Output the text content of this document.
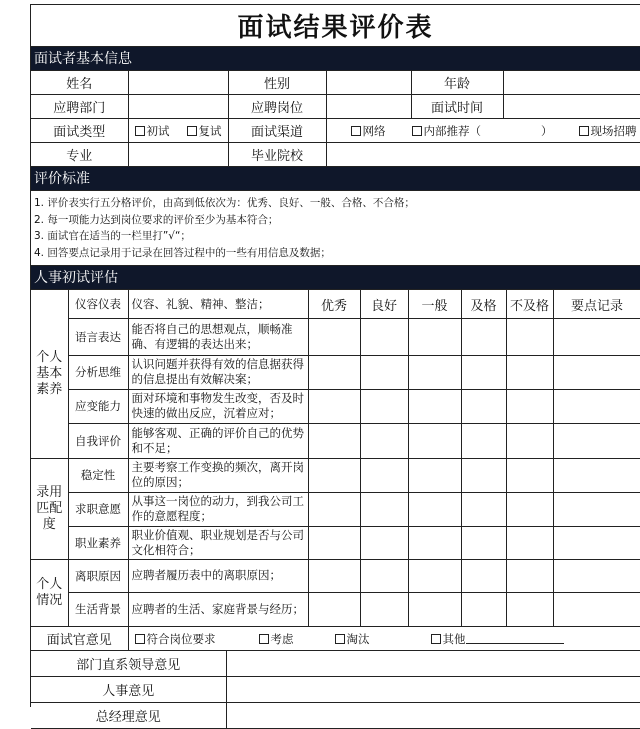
面试结果评价表
面试者基本信息
姓名		性别		年龄	
应聘部门		应聘岗位		面试时间	
面试类型	初试 复试	面试渠道	网络 内部推荐（ ） 现场招聘		

专业		毕业院校			
评价标准
1. 评价表实行五分格评价，由高到低依次为：优秀、良好、一般、合格、不合格；
2. 每一项能力达到岗位要求的评价至少为基本符合；
3. 面试官在适当的一栏里打”√“；
4. 回答要点记录用于记录在回答过程中的一些有用信息及数据；
人事初试评估
个人基本素养	仪容仪表	仪容、礼貌、精神、整洁；	优秀	良好	一般	及格	不及格	要点记录
	语言表达	能否将自己的思想观点，顺畅准确、有逻辑的表达出来；						
	分析思维	认识问题并获得有效的信息据获得的信息提出有效解决案；						
	应变能力	面对环境和事物发生改变，否及时快速的做出反应，沉着应对；						
	自我评价	能够客观、正确的评价自己的优势和不足；						
录用匹配度	稳定性	主要考察工作变换的频次，离开岗位的原因；						
	求职意愿	从事这一岗位的动力，到我公司工作的意愿程度；						
	职业素养	职业价值观、职业规划是否与公司文化相符合；						
个人情况	离职原因	应聘者履历表中的离职原因；						
	生活背景	应聘者的生活、家庭背景与经历；						
面试官意见	符合岗位要求	考虑	淘汰	其他
部门直系领导意见	
人事意见	
总经理意见	
